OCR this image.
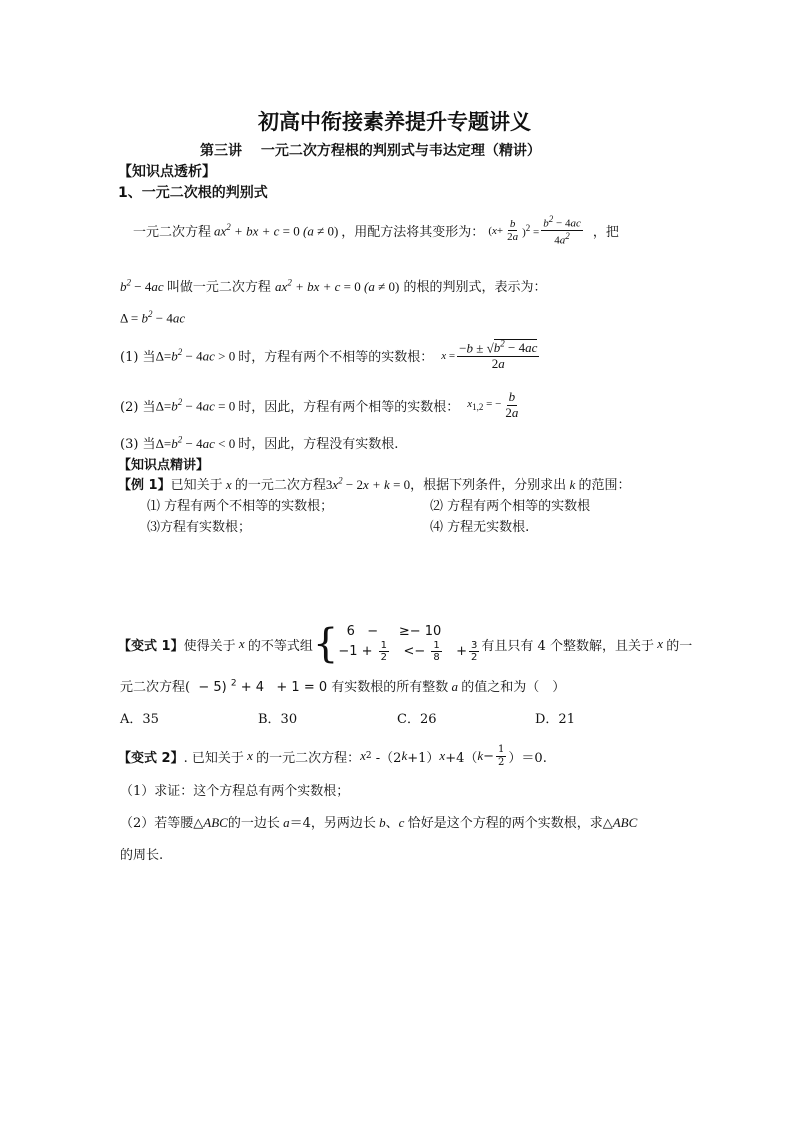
初高中衔接素养提升专题讲义
第三讲　 一元二次方程根的判别式与韦达定理（精讲）
【知识点透析】
1、一元二次根的判别式
一元二次方程 $ax^2$ + bx + c = 0 (a ≠ 0) ，用配方法将其变形为： ( $x + \frac{b}{2a} )^2 = \frac{b^2 - 4ac}{4a^2}$ ，把
$b^2 - 4ac$ 叫做一元二次方程 $ax^2$ + bx + c = 0 (a ≠ 0) 的根的判别式，表示为：
$\Delta = b^2 - 4ac$
(1) 当 $\Delta=b^2 - 4ac > 0$ 时，方程有两个不相等的实数根： $x = \frac{-b \pm √b^2 - 4ac}{2a}$
(2) 当 $\Delta=b^2 - 4ac = 0$ 时，因此，方程有两个相等的实数根： $x_{1,2}$ = − $\frac{b}{2a}$
(3) 当$\Delta=b^2 - 4ac < 0$ 时，因此，方程没有实数根.
【知识点精讲】
【例 1】已知关于 x 的一元二次方程$3x^2 - 2x + k = 0$，根据下列条件，分别求出 k 的范围：
⑴ 方程有两个不相等的实数根；	⑵ 方程有两个相等的实数根
⑶方程有实数根；	⑷ 方程无实数根.
【变式 1】 使得关于 x 的不等式组 { 6   −     ≥− 10
$-1 + \frac{1}{2} <- \frac{1}{8} + \frac{3}{2}$ 有且只有 4 个整数解，且关于 x 的一
元二次方程(  − 5) $^2$ + 4   + 1 = 0 有实数根的所有整数 a 的值之和为（　）
A．35	B．30	C．26	D．21
【变式 2】 . 已知关于 x 的一元二次方程： x 2 -（2 k +1） x +4（ $k - \frac{1}{2} )=0$.
（1）求证：这个方程总有两个实数根；
（2）若等腰△ABC的一边长 a＝4，另两边长 b、c 恰好是这个方程的两个实数根，求△ABC
的周长.
